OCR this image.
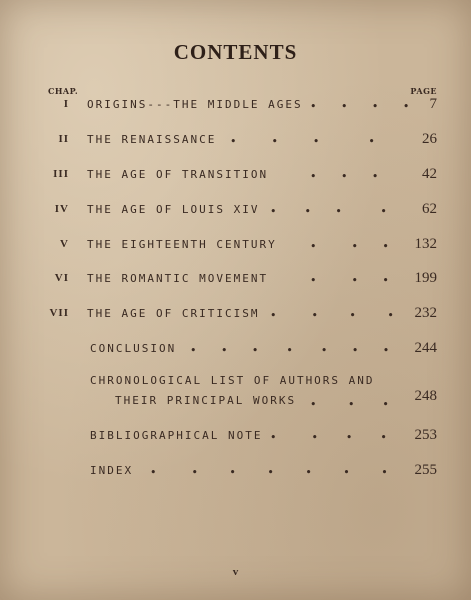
CONTENTS
CHAP.	PAGE
I ORIGINS---THE MIDDLE AGES •       •       •       • 7
II THE RENAISSANCE •          •          •              •	26
III THE AGE OF TRANSITION	•       •       •	42
IV THE AGE OF LOUIS XIV •        •       •           • 62
V THE EIGHTEENTH CENTURY	•          •       • 132
VI THE ROMANTIC MOVEMENT	•          •       • 199
VII THE AGE OF CRITICISM •          •         •         • 232
CONCLUSION •       •       •        •        •       •       • 244
CHRONOLOGICAL LIST OF AUTHORS AND
THEIR PRINCIPAL WORKS •         •        •
248
BIBLIOGRAPHICAL NOTE •          •        •        • 253
INDEX •          •         •         •         •         •         • 255
v
